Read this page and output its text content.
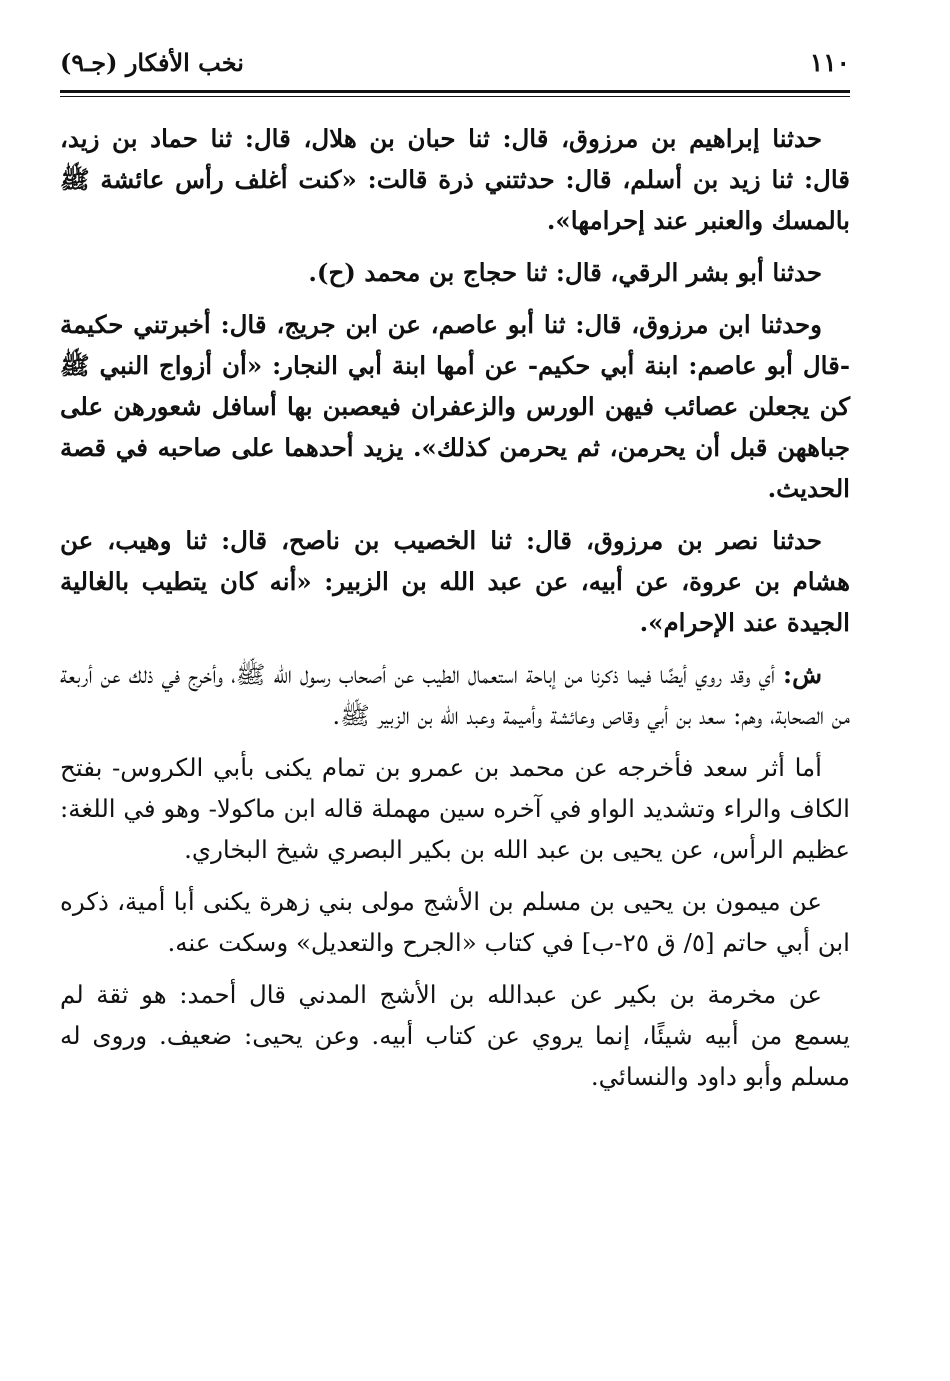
١١٠
نخب الأفكار (جـ٩)

حدثنا إبراهيم بن مرزوق، قال: ثنا حبان بن هلال، قال: ثنا حماد بن زيد، قال: ثنا زيد بن أسلم، قال: حدثتني ذرة قالت: «كنت أغلف رأس عائشة ﷺ بالمسك والعنبر عند إحرامها».

حدثنا أبو بشر الرقي، قال: ثنا حجاج بن محمد (ح).

وحدثنا ابن مرزوق، قال: ثنا أبو عاصم، عن ابن جريج، قال: أخبرتني حكيمة -قال أبو عاصم: ابنة أبي حكيم- عن أمها ابنة أبي النجار: «أن أزواج النبي ﷺ كن يجعلن عصائب فيهن الورس والزعفران فيعصبن بها أسافل شعورهن على جباههن قبل أن يحرمن، ثم يحرمن كذلك». يزيد أحدهما على صاحبه في قصة الحديث.

حدثنا نصر بن مرزوق، قال: ثنا الخصيب بن ناصح، قال: ثنا وهيب، عن هشام بن عروة، عن أبيه، عن عبد الله بن الزبير: «أنه كان يتطيب بالغالية الجيدة عند الإحرام».

ش: أي وقد روي أيضًا فيما ذكرنا من إباحة استعمال الطيب عن أصحاب رسول الله ﷺ، وأخرج في ذلك عن أربعة من الصحابة، وهم: سعد بن أبي وقاص وعائشة وأميمة وعبد الله بن الزبير ﷺ.

أما أثر سعد فأخرجه عن محمد بن عمرو بن تمام يكنى بأبي الكروس- بفتح الكاف والراء وتشديد الواو في آخره سين مهملة قاله ابن ماكولا- وهو في اللغة: عظيم الرأس، عن يحيى بن عبد الله بن بكير البصري شيخ البخاري.

عن ميمون بن يحيى بن مسلم بن الأشج مولى بني زهرة يكنى أبا أمية، ذكره ابن أبي حاتم [٥/ ق ٢٥-ب] في كتاب «الجرح والتعديل» وسكت عنه.

عن مخرمة بن بكير عن عبدالله بن الأشج المدني قال أحمد: هو ثقة لم يسمع من أبيه شيئًا، إنما يروي عن كتاب أبيه. وعن يحيى: ضعيف. وروى له مسلم وأبو داود والنسائي.
